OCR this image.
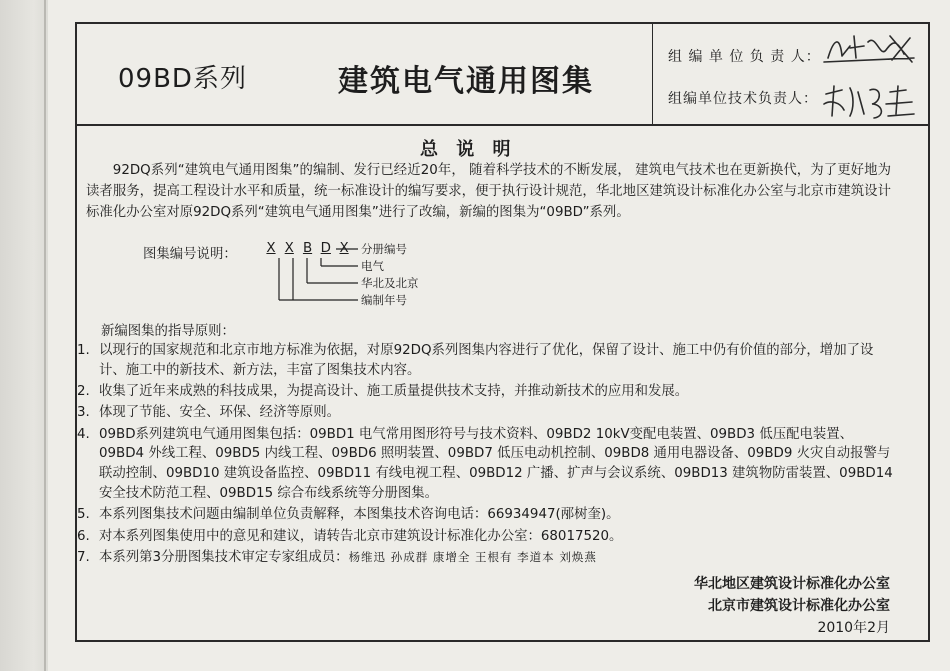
09BD系列	建筑电气通用图集
组 编 单 位 负 责 人：
组编单位技术负责人：
总 说 明
92DQ系列“建筑电气通用图集”的编制、发行已经近20年， 随着科学技术的不断发展， 建筑电气技术也在更新换代，为了更好地为读者服务，提高工程设计水平和质量，统一标准设计的编写要求，便于执行设计规范，华北地区建筑设计标准化办公室与北京市建筑设计标准化办公室对原92DQ系列“建筑电气通用图集”进行了改编，新编的图集为“09BD”系列。
图集编号说明： X X B D X 分册编号
电气
华北及北京
编制年号
新编图集的指导原则：
1. 以现行的国家规范和北京市地方标准为依据，对原92DQ系列图集内容进行了优化，保留了设计、施工中仍有价值的部分，增加了设计、施工中的新技术、新方法，丰富了图集技术内容。
2. 收集了近年来成熟的科技成果，为提高设计、施工质量提供技术支持，并推动新技术的应用和发展。
3. 体现了节能、安全、环保、经济等原则。
4. 09BD系列建筑电气通用图集包括：09BD1 电气常用图形符号与技术资料、09BD2 10kV变配电装置、09BD3 低压配电装置、09BD4 外线工程、09BD5 内线工程、09BD6 照明装置、09BD7 低压电动机控制、09BD8 通用电器设备、09BD9 火灾自动报警与联动控制、09BD10 建筑设备监控、09BD11 有线电视工程、09BD12 广播、扩声与会议系统、09BD13 建筑物防雷装置、09BD14 安全技术防范工程、09BD15 综合布线系统等分册图集。
5. 本系列图集技术问题由编制单位负责解释，本图集技术咨询电话：66934947(邴树奎)。
6. 对本系列图集使用中的意见和建议，请转告北京市建筑设计标准化办公室：68017520。
7. 本系列第3分册图集技术审定专家组成员：杨维迅 孙成群 康增全 王根有 李道本 刘焕燕
华北地区建筑设计标准化办公室
北京市建筑设计标准化办公室
2010年2月
